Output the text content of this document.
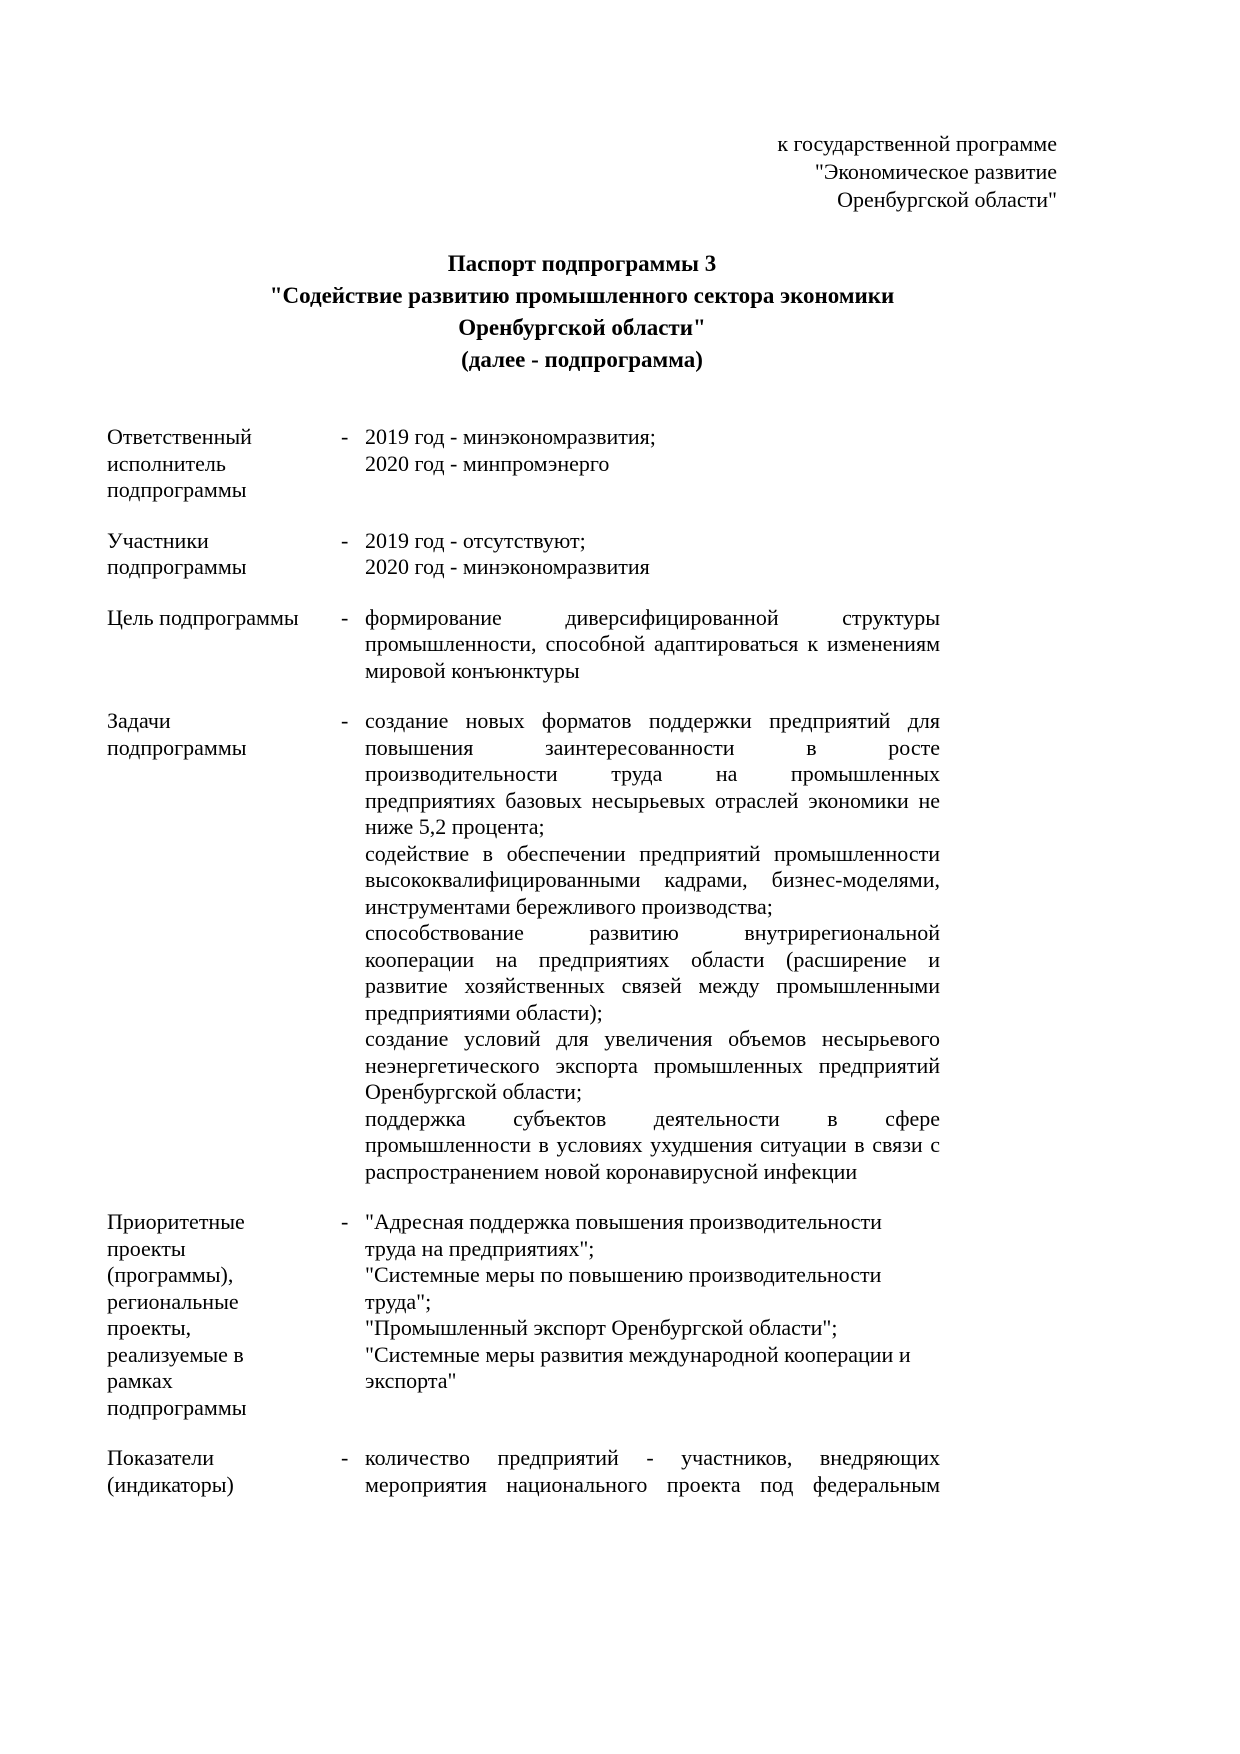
к государственной программе
"Экономическое развитие
Оренбургской области"
Паспорт подпрограммы 3
"Содействие развитию промышленного сектора экономики
Оренбургской области"
(далее - подпрограмма)
Ответственный
исполнитель
подпрограммы
- 2019 год - минэкономразвития;
2020 год - минпромэнерго
Участники
подпрограммы
- 2019 год - отсутствуют;
2020 год - минэкономразвития
Цель подпрограммы	- формирование диверсифицированной структуры
промышленности, способной адаптироваться к изменениям
мировой конъюнктуры
Задачи
подпрограммы
- создание новых форматов поддержки предприятий для
повышения заинтересованности в росте
производительности труда на промышленных
предприятиях базовых несырьевых отраслей экономики не
ниже 5,2 процента;
содействие в обеспечении предприятий промышленности
высококвалифицированными кадрами, бизнес-моделями,
инструментами бережливого производства;
способствование развитию внутрирегиональной
кооперации на предприятиях области (расширение и
развитие хозяйственных связей между промышленными
предприятиями области);
создание условий для увеличения объемов несырьевого
неэнергетического экспорта промышленных предприятий
Оренбургской области;
поддержка субъектов деятельности в сфере
промышленности в условиях ухудшения ситуации в связи с
распространением новой коронавирусной инфекции
Приоритетные
проекты
(программы),
региональные
проекты,
реализуемые в
рамках
подпрограммы
- "Адресная поддержка повышения производительности
труда на предприятиях";
"Системные меры по повышению производительности
труда";
"Промышленный экспорт Оренбургской области";
"Системные меры развития международной кооперации и
экспорта"
Показатели
(индикаторы)
- количество предприятий - участников, внедряющих
мероприятия национального проекта под федеральным
